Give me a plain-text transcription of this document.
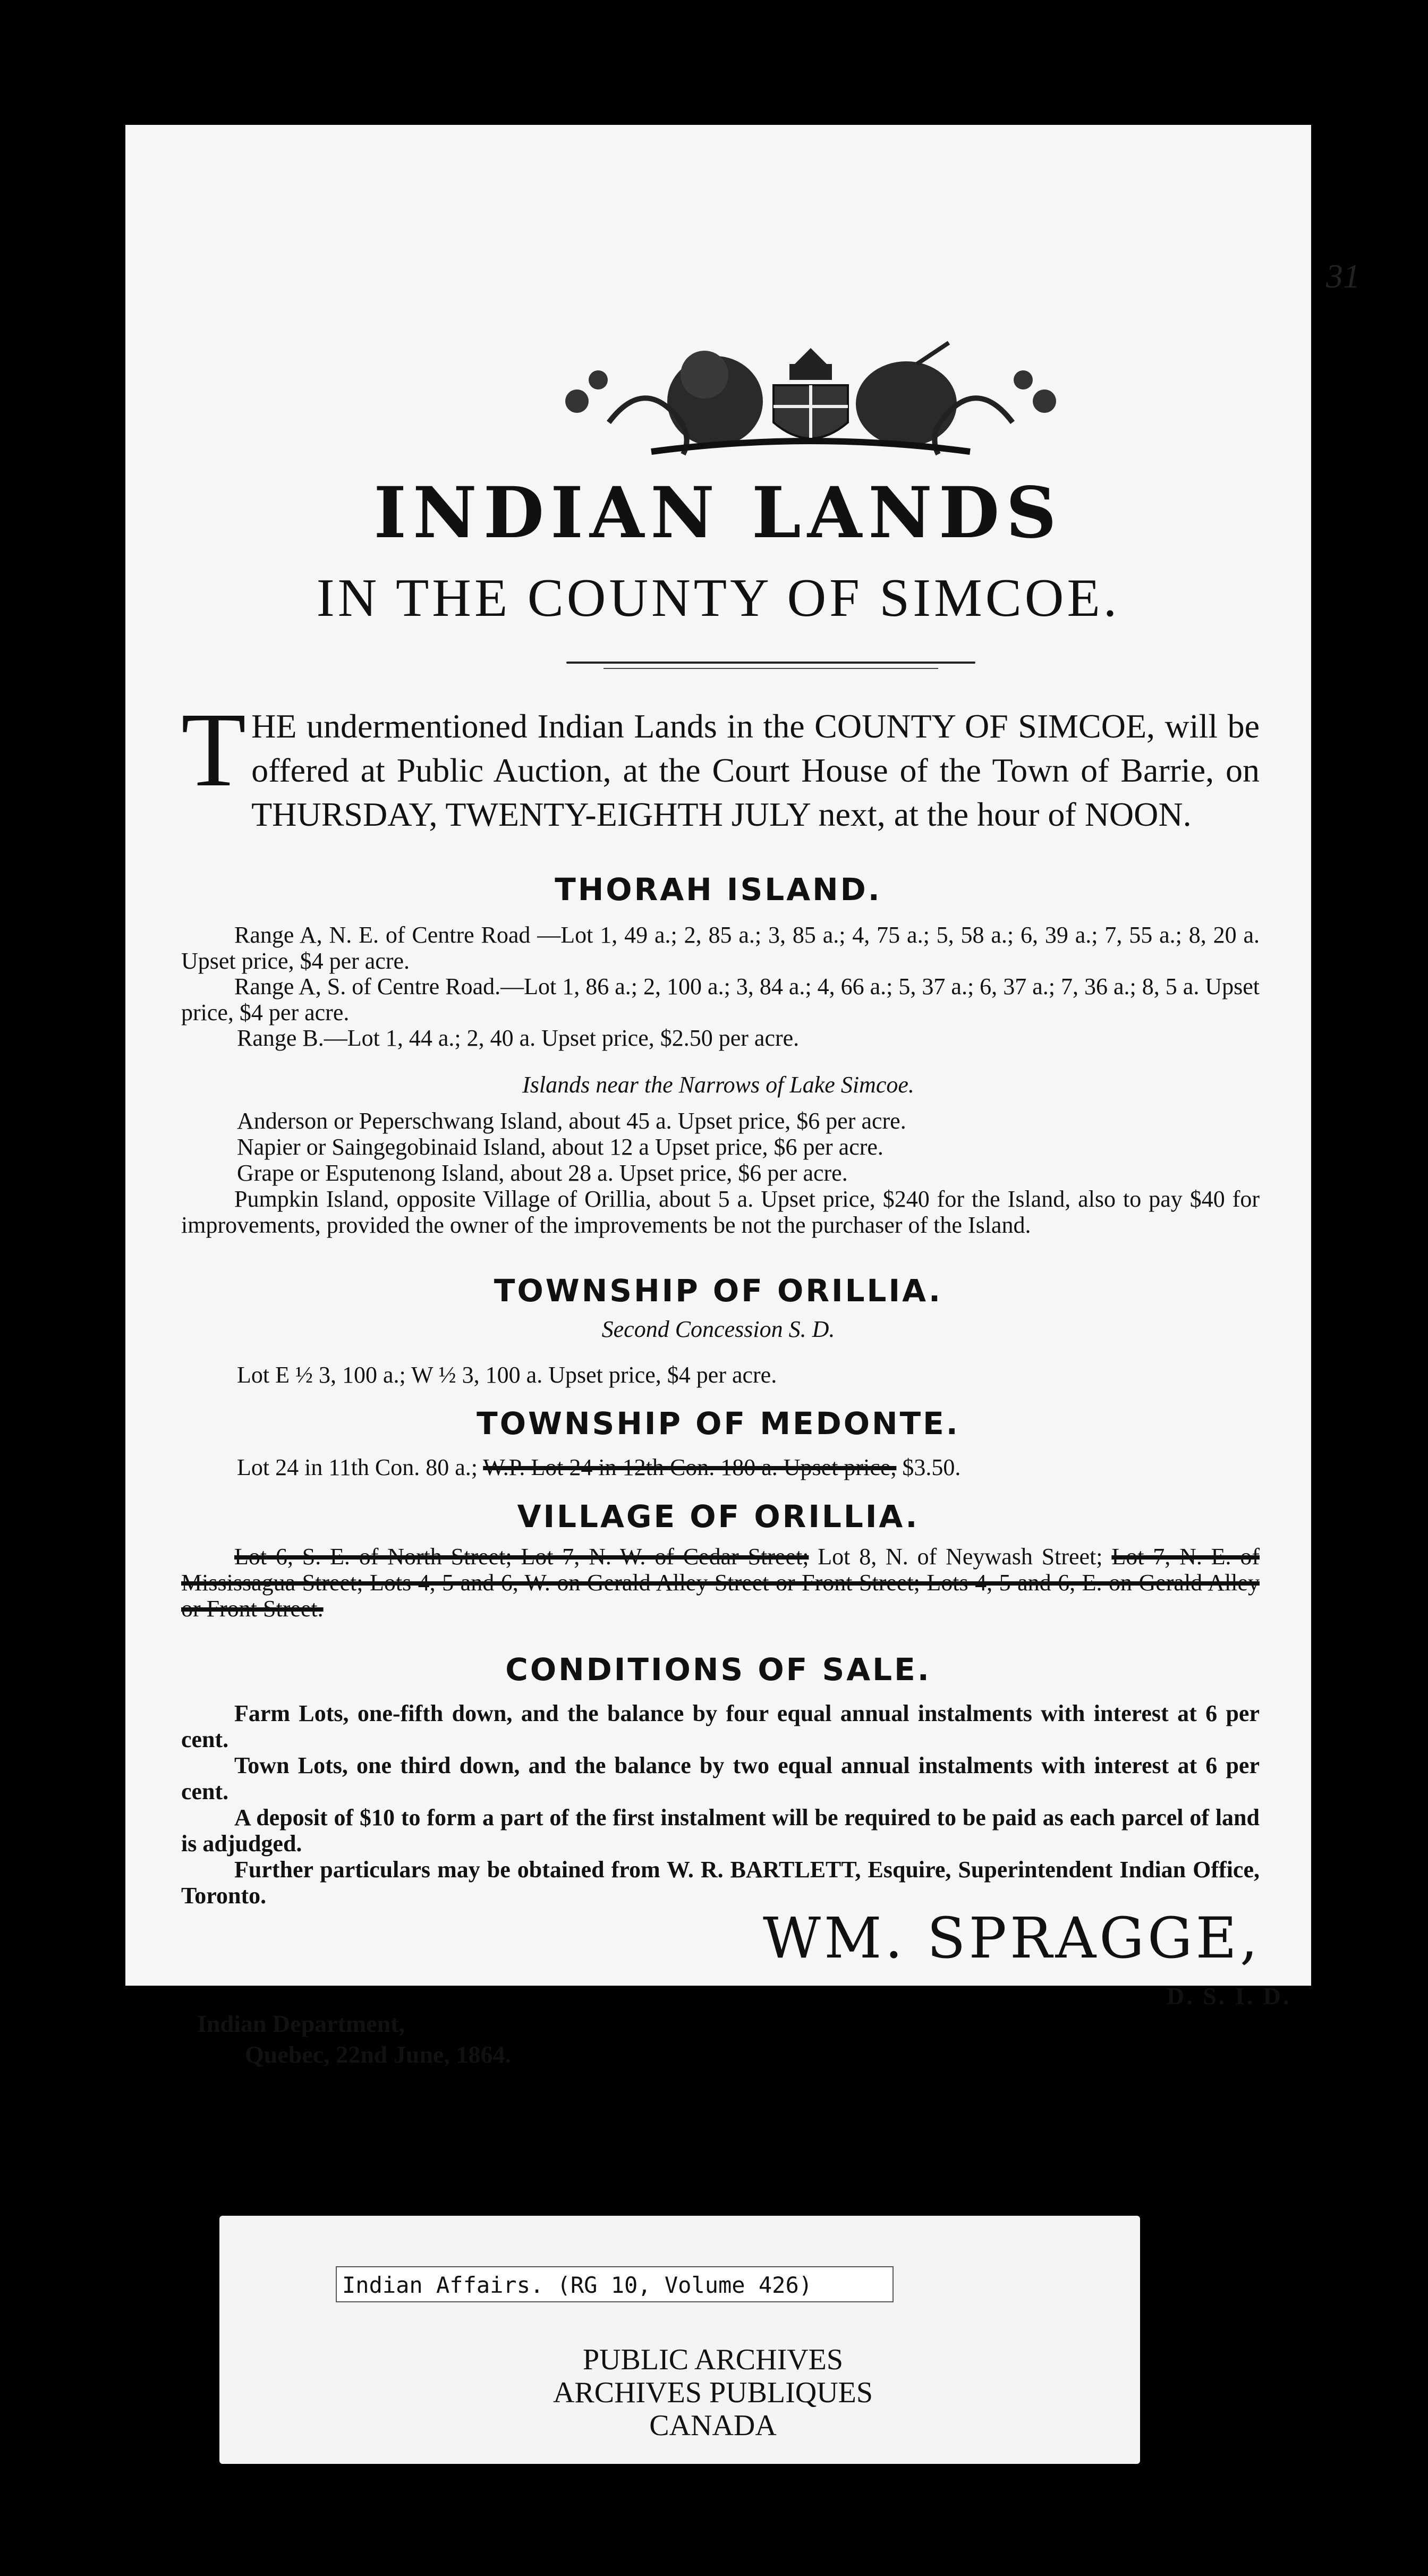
31
INDIAN LANDS
IN THE COUNTY OF SIMCOE.
THE undermentioned Indian Lands in the COUNTY OF SIMCOE, will be offered at Public Auction, at the Court House of the Town of Barrie, on THURSDAY, TWENTY-EIGHTH JULY next, at the hour of NOON.
THORAH ISLAND.
Range A, N. E. of Centre Road —Lot 1, 49 a.; 2, 85 a.; 3, 85 a.; 4, 75 a.; 5, 58 a.; 6, 39 a.; 7, 55 a.; 8, 20 a. Upset price, $4 per acre.
Range A, S. of Centre Road.—Lot 1, 86 a.; 2, 100 a.; 3, 84 a.; 4, 66 a.; 5, 37 a.; 6, 37 a.; 7, 36 a.; 8, 5 a. Upset price, $4 per acre.
Range B.—Lot 1, 44 a.; 2, 40 a. Upset price, $2.50 per acre.
Islands near the Narrows of Lake Simcoe.
Anderson or Peperschwang Island, about 45 a. Upset price, $6 per acre.
Napier or Saingegobinaid Island, about 12 a Upset price, $6 per acre.
Grape or Esputenong Island, about 28 a. Upset price, $6 per acre.
Pumpkin Island, opposite Village of Orillia, about 5 a. Upset price, $240 for the Island, also to pay $40 for improvements, provided the owner of the improvements be not the purchaser of the Island.
TOWNSHIP OF ORILLIA.
Second Concession S. D.
Lot E ½ 3, 100 a.; W ½ 3, 100 a. Upset price, $4 per acre.
TOWNSHIP OF MEDONTE.
Lot 24 in 11th Con. 80 a.; W.P. Lot 24 in 12th Con. 180 a. Upset price, $3.50.
VILLAGE OF ORILLIA.
Lot 6, S. E. of North Street; Lot 7, N. W. of Cedar Street; Lot 8, N. of Neywash Street; Lot 7, N. E. of Mississagua Street; Lots 4, 5 and 6, W. on Gerald Alley Street or Front Street; Lots 4, 5 and 6, E. on Gerald Alley or Front Street.
CONDITIONS OF SALE.
Farm Lots, one-fifth down, and the balance by four equal annual instalments with interest at 6 per cent.
Town Lots, one third down, and the balance by two equal annual instalments with interest at 6 per cent.
A deposit of $10 to form a part of the first instalment will be required to be paid as each parcel of land is adjudged.
Further particulars may be obtained from W. R. BARTLETT, Esquire, Superintendent Indian Office, Toronto.
WM. SPRAGGE,
D. S. I. D.
Indian Department,
Quebec, 22nd June, 1864.
Indian Affairs. (RG 10, Volume 426)
PUBLIC ARCHIVES
ARCHIVES PUBLIQUES
CANADA
